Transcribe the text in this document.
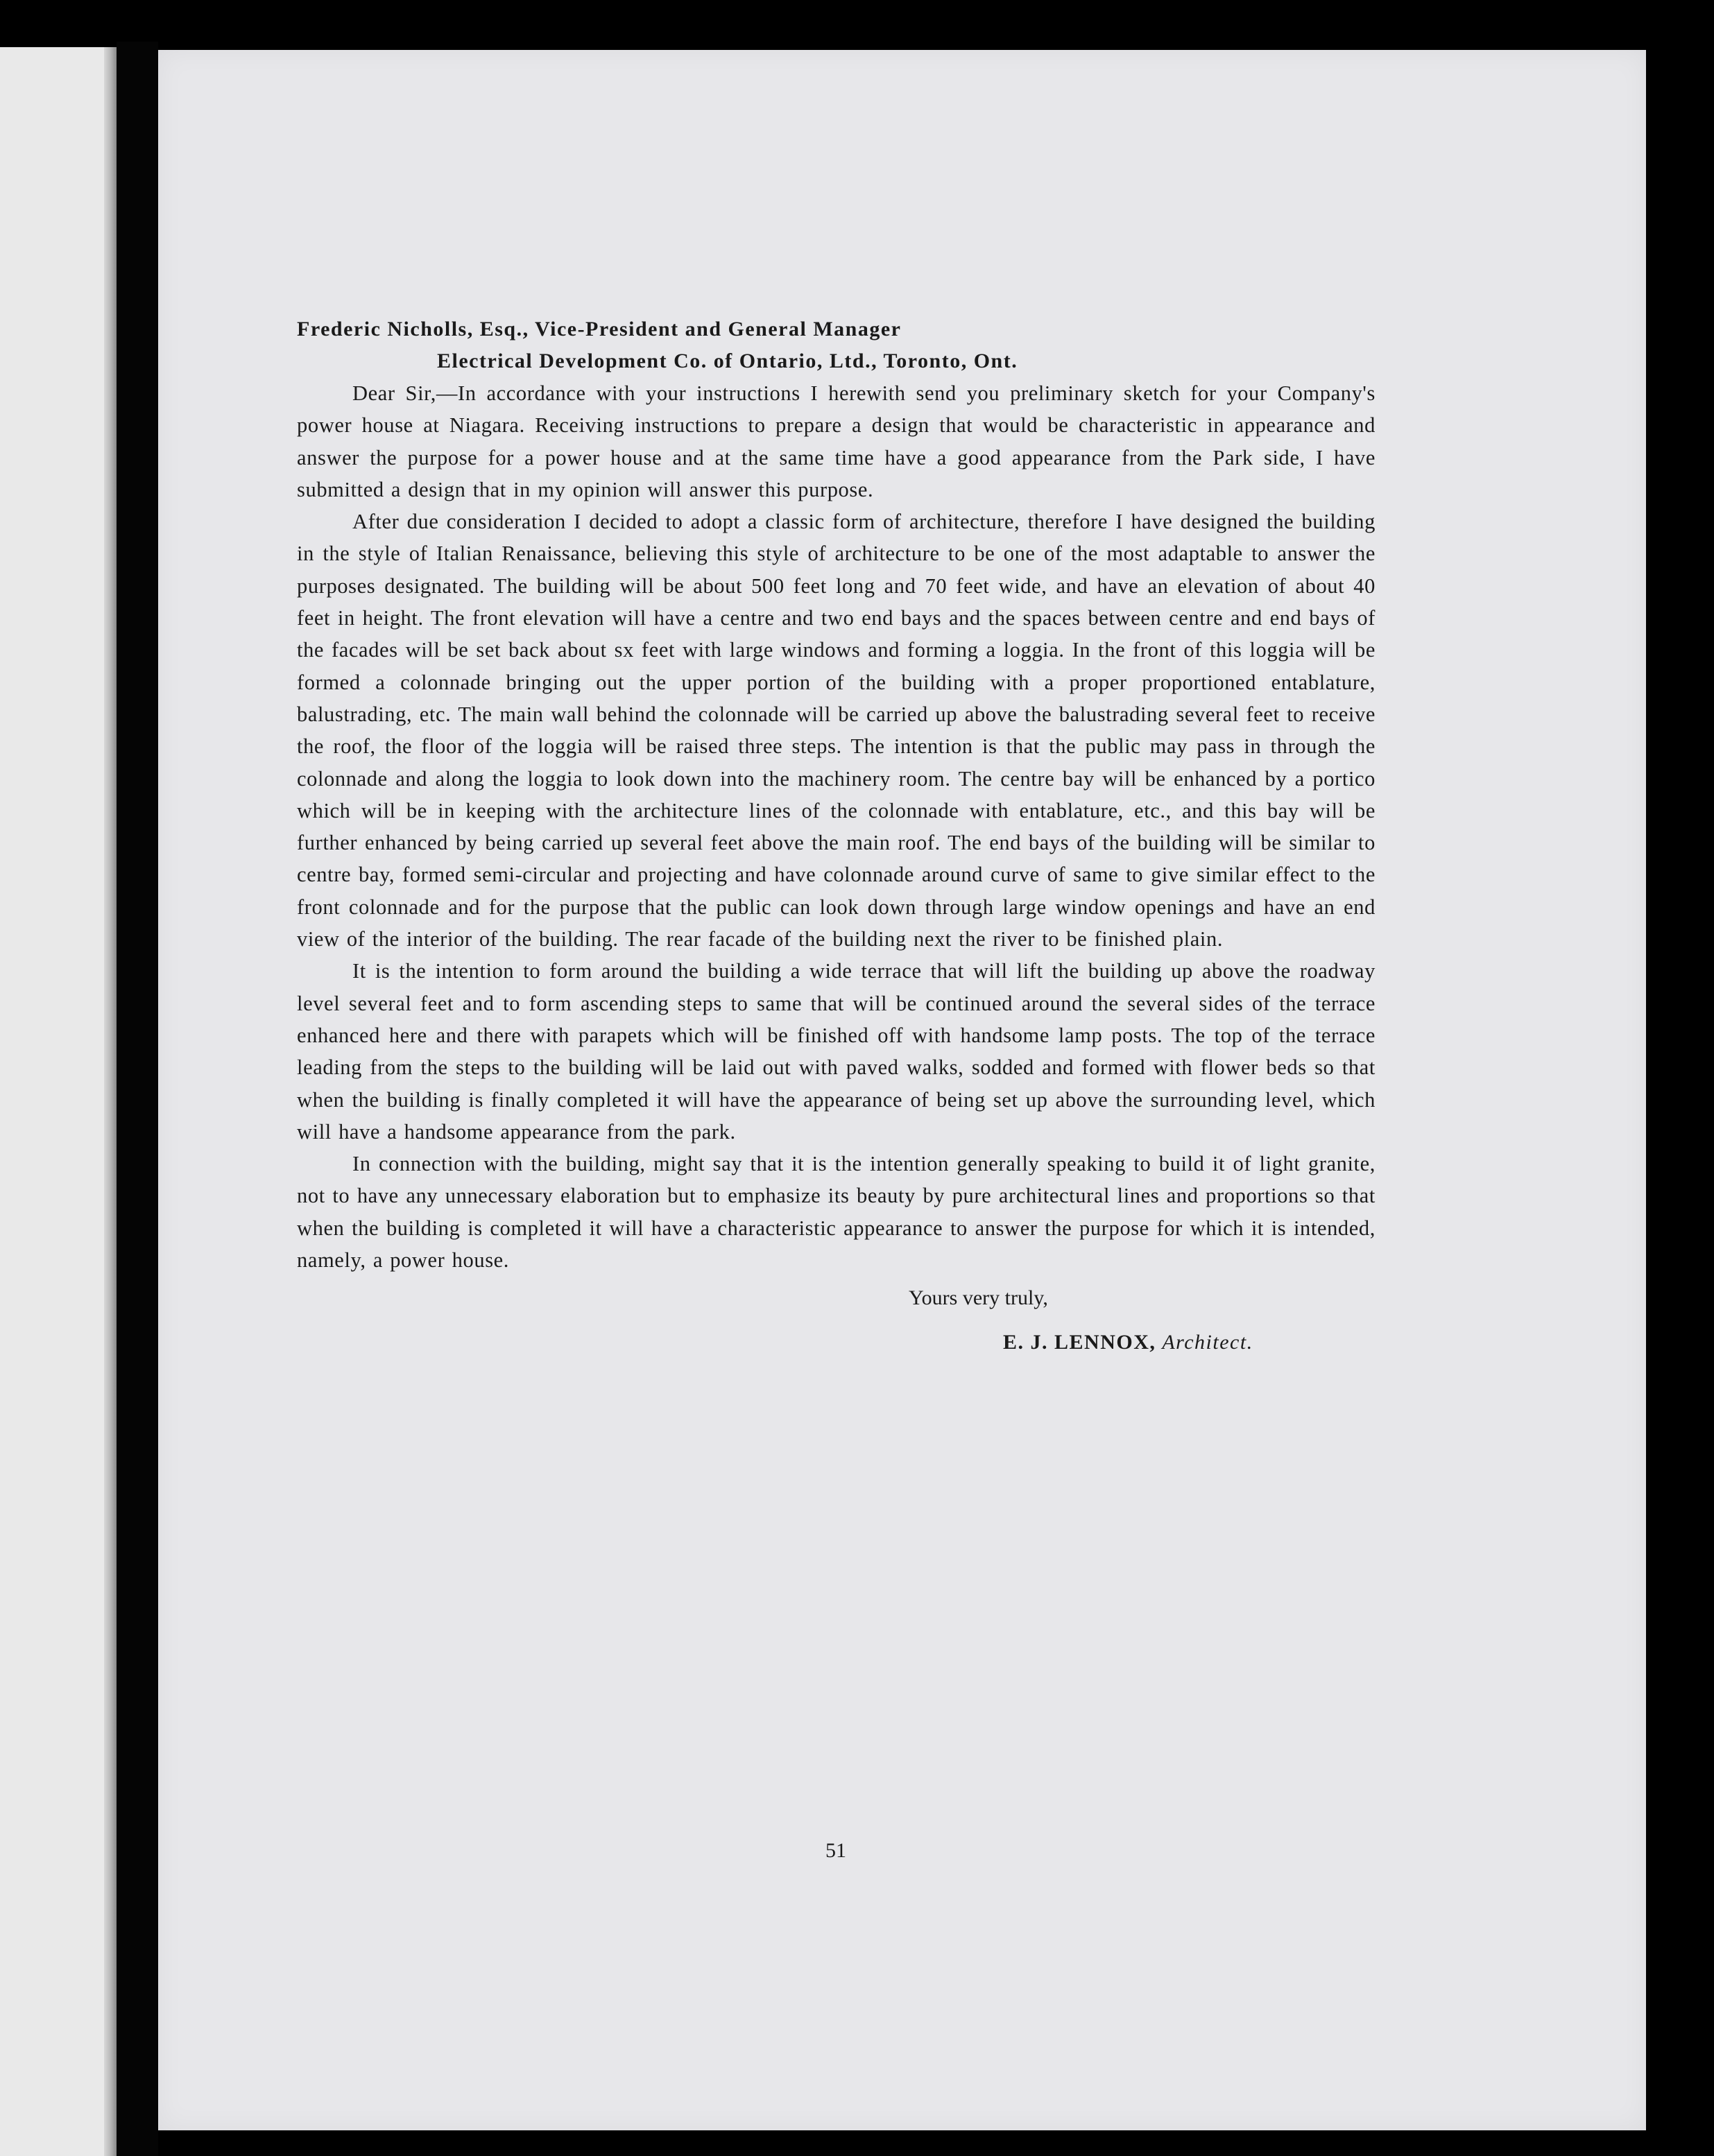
Frederic Nicholls, Esq., Vice-President and General Manager
Electrical Development Co. of Ontario, Ltd., Toronto, Ont.

Dear Sir,—In accordance with your instructions I herewith send you preliminary sketch for your Company's power house at Niagara. Receiving instructions to prepare a design that would be characteristic in appearance and answer the purpose for a power house and at the same time have a good appearance from the Park side, I have submitted a design that in my opinion will answer this purpose.

After due consideration I decided to adopt a classic form of architecture, therefore I have designed the building in the style of Italian Renaissance, believing this style of architecture to be one of the most adaptable to answer the purposes designated. The building will be about 500 feet long and 70 feet wide, and have an elevation of about 40 feet in height. The front elevation will have a centre and two end bays and the spaces between centre and end bays of the facades will be set back about sx feet with large windows and forming a loggia. In the front of this loggia will be formed a colonnade bringing out the upper portion of the building with a proper proportioned entablature, balustrading, etc. The main wall behind the colonnade will be carried up above the balustrading several feet to receive the roof, the floor of the loggia will be raised three steps. The intention is that the public may pass in through the colonnade and along the loggia to look down into the machinery room. The centre bay will be enhanced by a portico which will be in keeping with the architecture lines of the colonnade with entablature, etc., and this bay will be further enhanced by being carried up several feet above the main roof. The end bays of the building will be similar to centre bay, formed semi-circular and projecting and have colonnade around curve of same to give similar effect to the front colonnade and for the purpose that the public can look down through large window openings and have an end view of the interior of the building. The rear facade of the building next the river to be finished plain.

It is the intention to form around the building a wide terrace that will lift the building up above the roadway level several feet and to form ascending steps to same that will be continued around the several sides of the terrace enhanced here and there with parapets which will be finished off with handsome lamp posts. The top of the terrace leading from the steps to the building will be laid out with paved walks, sodded and formed with flower beds so that when the building is finally completed it will have the appearance of being set up above the surrounding level, which will have a handsome appearance from the park.

In connection with the building, might say that it is the intention generally speaking to build it of light granite, not to have any unnecessary elaboration but to emphasize its beauty by pure architectural lines and proportions so that when the building is completed it will have a characteristic appearance to answer the purpose for which it is intended, namely, a power house.

Yours very truly,
E. J. LENNOX, Architect.
51
